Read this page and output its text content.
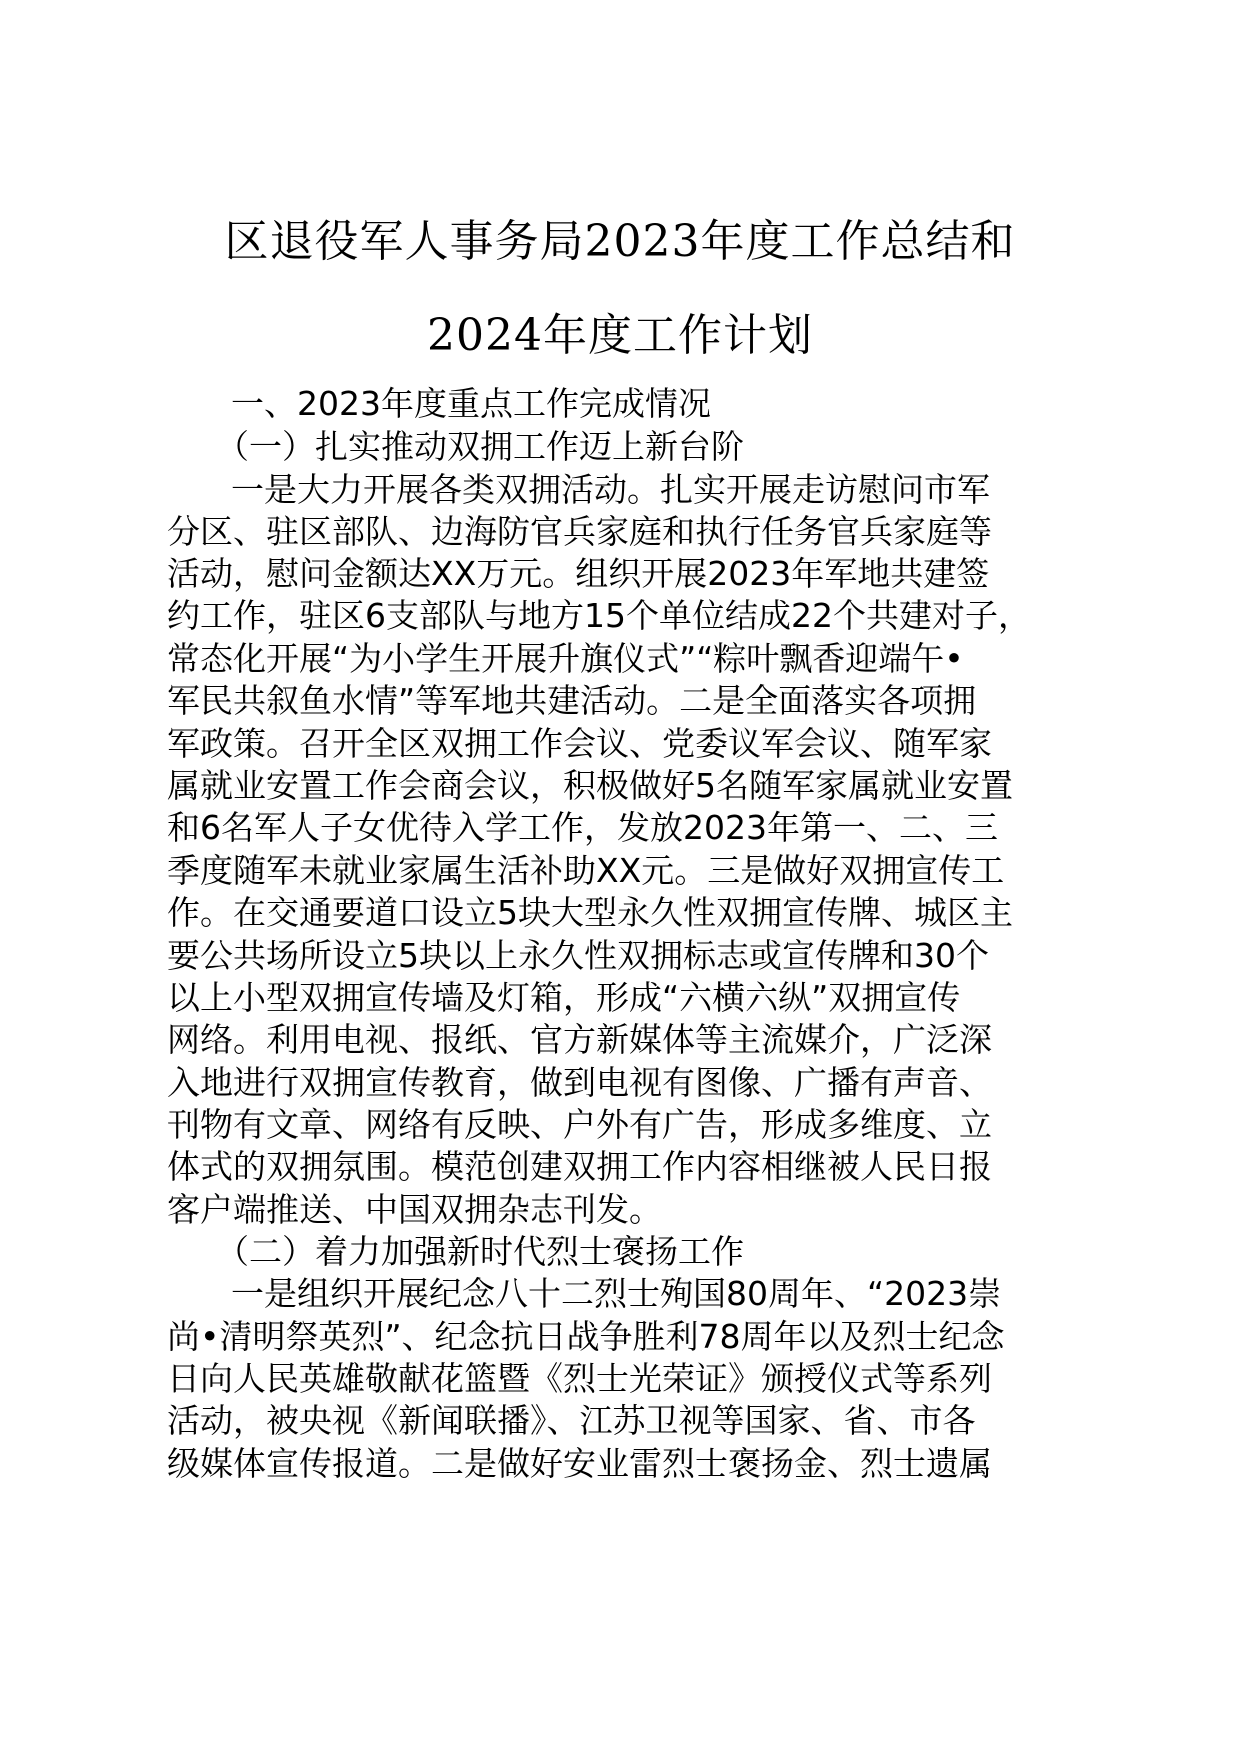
区退役军人事务局2023年度工作总结和
2024年度工作计划
一、2023年度重点工作完成情况
（一）扎实推动双拥工作迈上新台阶
一是大力开展各类双拥活动。扎实开展走访慰问市军
分区、驻区部队、边海防官兵家庭和执行任务官兵家庭等
活动，慰问金额达XX万元。组织开展2023年军地共建签
约工作，驻区6支部队与地方15个单位结成22个共建对子，
常态化开展“为小学生开展升旗仪式”“粽叶飘香迎端午•
军民共叙鱼水情”等军地共建活动。二是全面落实各项拥
军政策。召开全区双拥工作会议、党委议军会议、随军家
属就业安置工作会商会议，积极做好5名随军家属就业安置
和6名军人子女优待入学工作，发放2023年第一、二、三
季度随军未就业家属生活补助XX元。三是做好双拥宣传工
作。在交通要道口设立5块大型永久性双拥宣传牌、城区主
要公共场所设立5块以上永久性双拥标志或宣传牌和30个
以上小型双拥宣传墙及灯箱，形成“六横六纵”双拥宣传
网络。利用电视、报纸、官方新媒体等主流媒介，广泛深
入地进行双拥宣传教育，做到电视有图像、广播有声音、
刊物有文章、网络有反映、户外有广告，形成多维度、立
体式的双拥氛围。模范创建双拥工作内容相继被人民日报
客户端推送、中国双拥杂志刊发。
（二）着力加强新时代烈士褒扬工作
一是组织开展纪念八十二烈士殉国80周年、“2023崇
尚•清明祭英烈”、纪念抗日战争胜利78周年以及烈士纪念
日向人民英雄敬献花篮暨《烈士光荣证》颁授仪式等系列
活动，被央视《新闻联播》、江苏卫视等国家、省、市各
级媒体宣传报道。二是做好安业雷烈士褒扬金、烈士遗属
